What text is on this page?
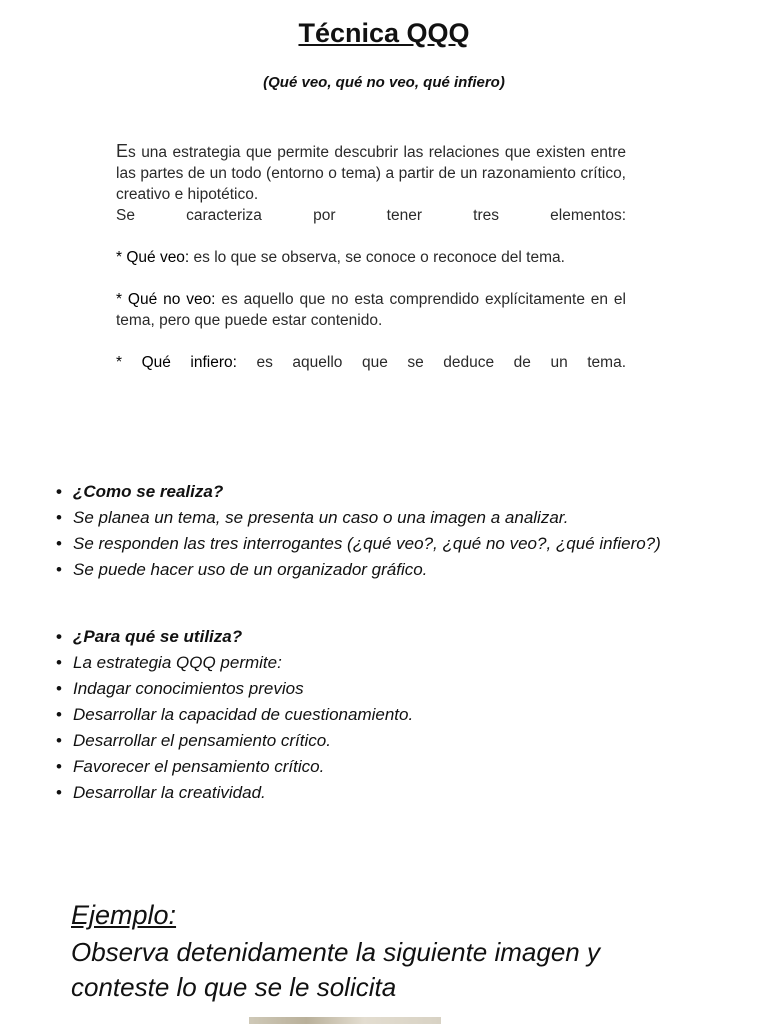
Técnica QQQ

(Qué veo, qué no veo, qué infiero)

Es una estrategia que permite descubrir las relaciones que existen entre las partes de un todo (entorno o tema) a partir de un razonamiento crítico, creativo e hipotético.

Se caracteriza por tener tres elementos:

* Qué veo: es lo que se observa, se conoce o reconoce del tema.

* Qué no veo: es aquello que no esta comprendido explícitamente en el tema, pero que puede estar contenido.

* Qué infiero: es aquello que se deduce de un tema.

• ¿Como se realiza?
• Se planea un tema, se presenta un caso o una imagen a analizar.
• Se responden las tres interrogantes (¿qué veo?, ¿qué no veo?, ¿qué infiero?)
• Se puede hacer uso de un organizador gráfico.
• ¿Para qué se utiliza?
• La estrategia QQQ permite:
• Indagar conocimientos previos
• Desarrollar la capacidad de cuestionamiento.
• Desarrollar el pensamiento crítico.
• Favorecer el pensamiento crítico.
• Desarrollar la creatividad.
Ejemplo:

Observa detenidamente la siguiente imagen y conteste lo que se le solicita
